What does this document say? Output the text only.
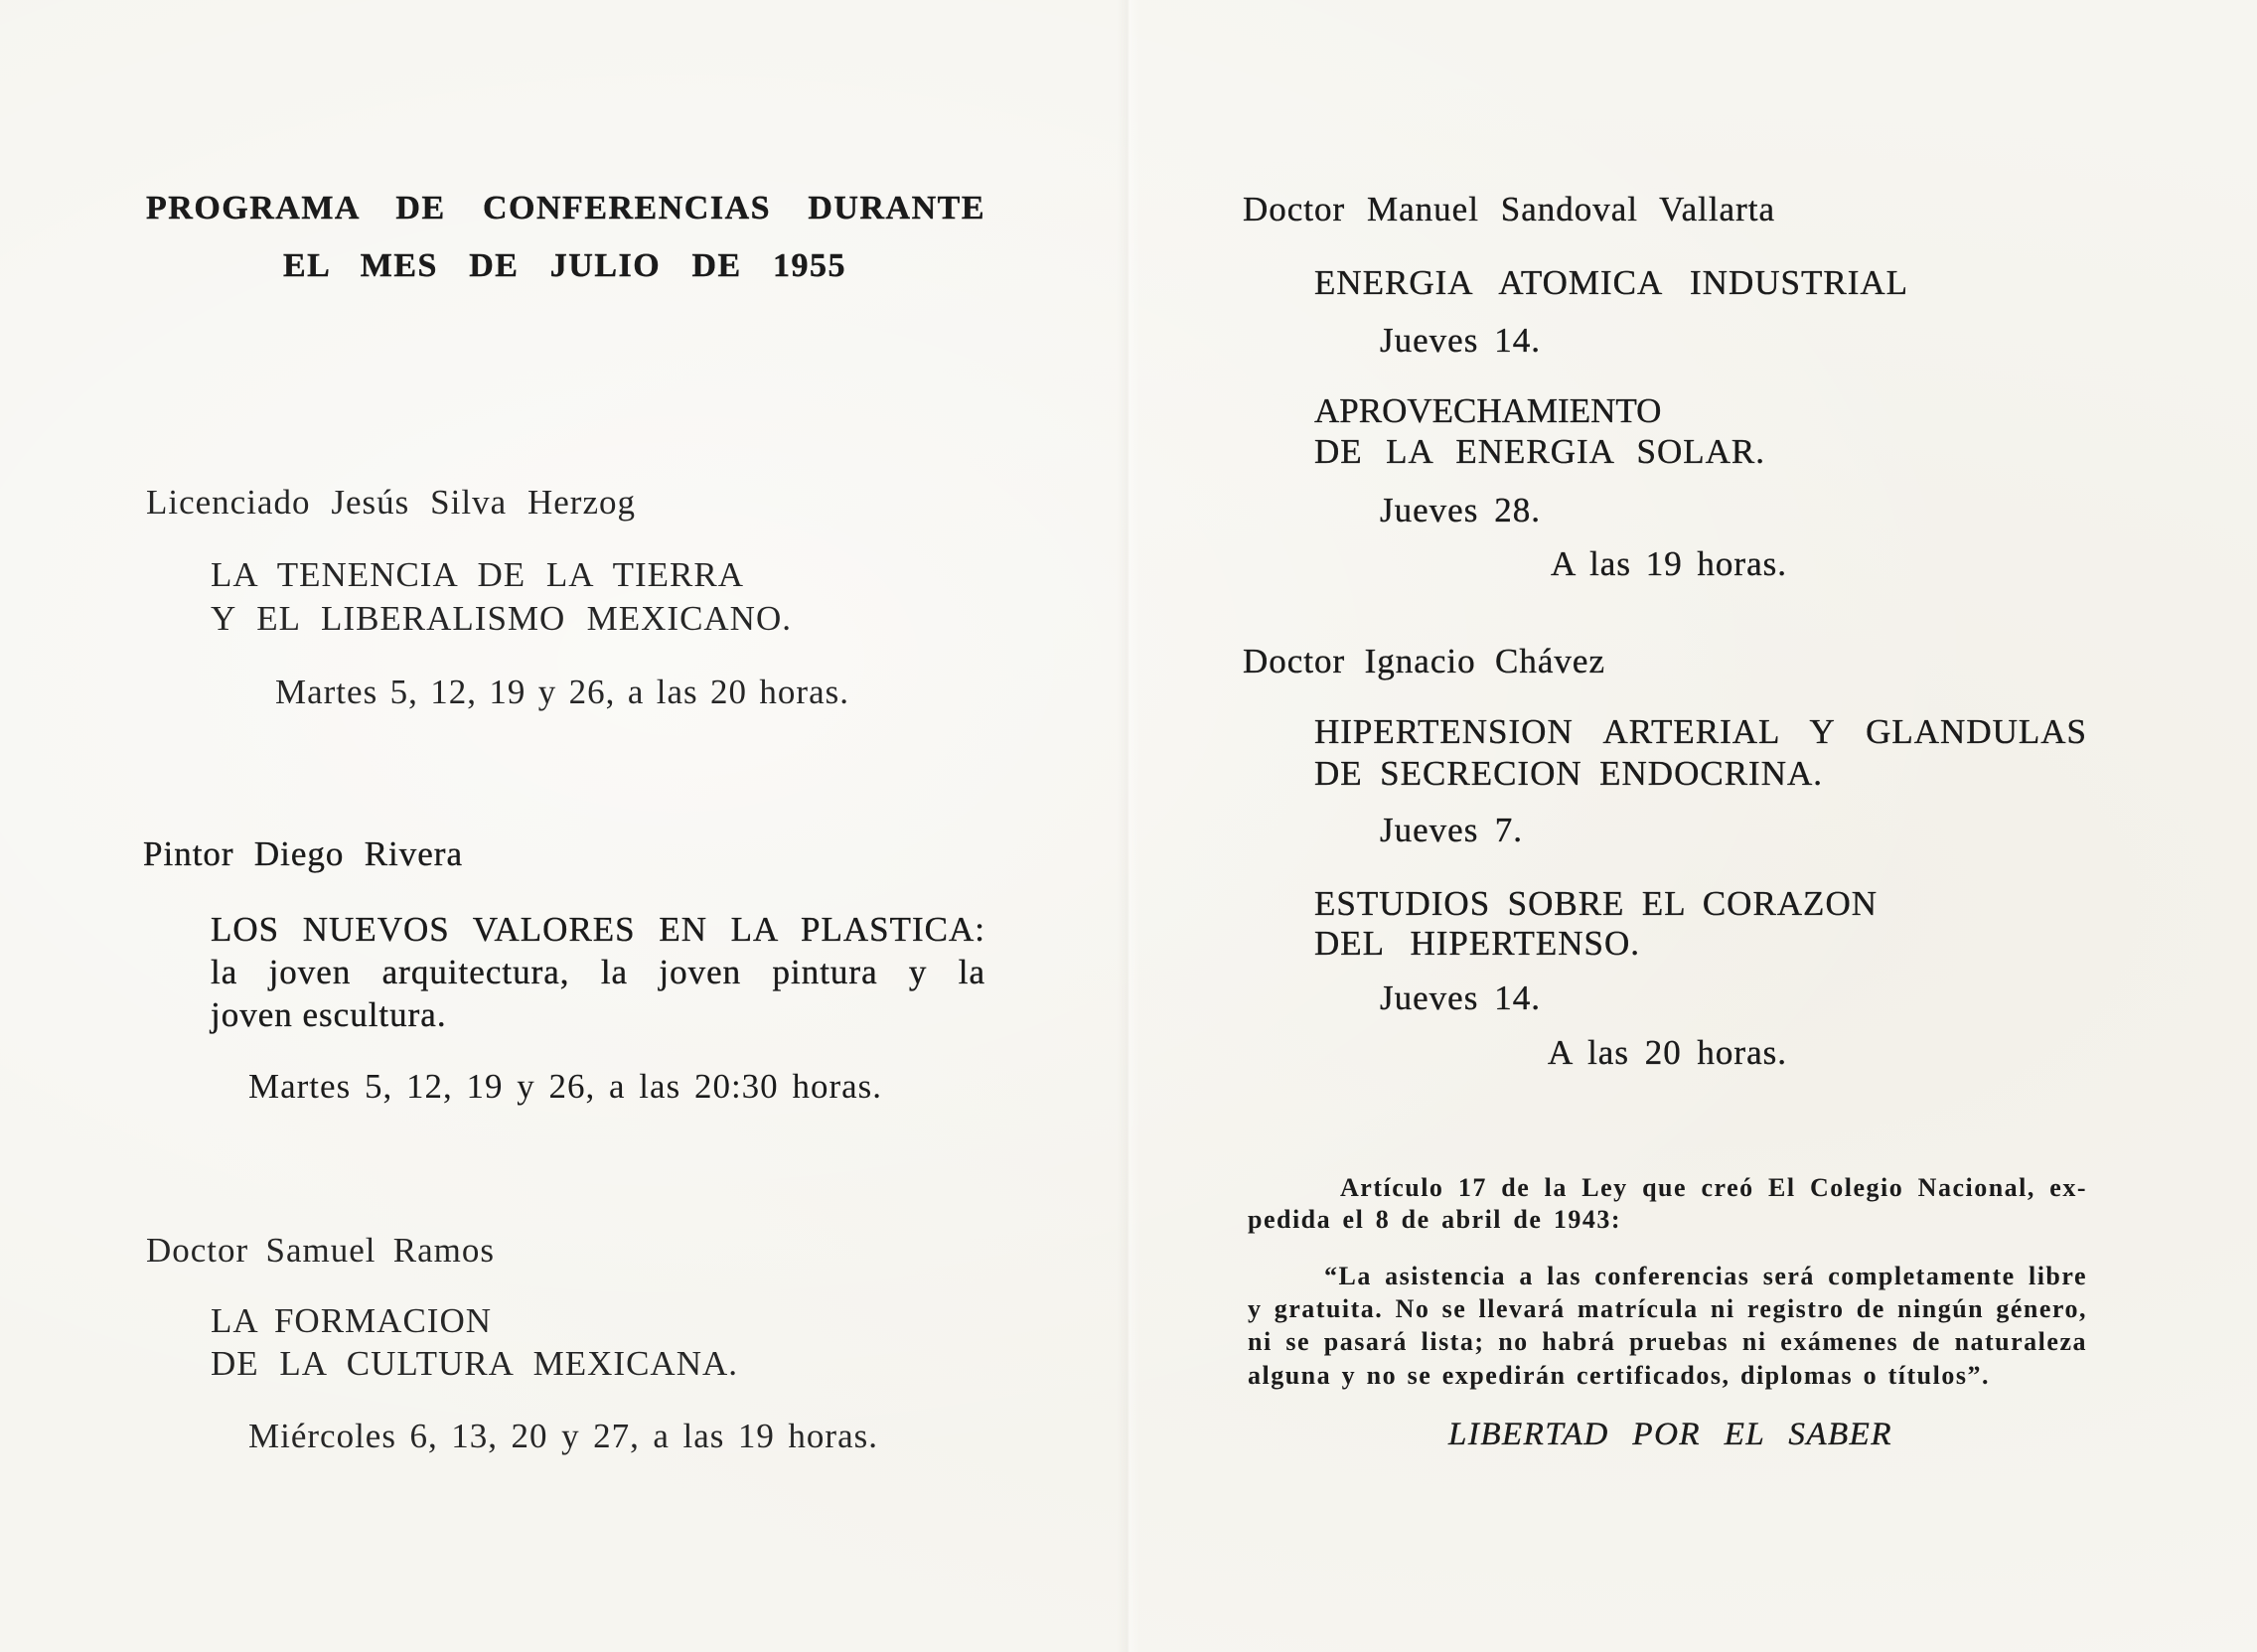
PROGRAMA DE CONFERENCIAS DURANTE
EL MES DE JULIO DE 1955
Licenciado Jesús Silva Herzog
LA TENENCIA DE LA TIERRA
Y EL LIBERALISMO MEXICANO.
Martes 5, 12, 19 y 26, a las 20 horas.
Pintor Diego Rivera
LOS NUEVOS VALORES EN LA PLASTICA:
la joven arquitectura, la joven pintura y la
joven escultura.
Martes 5, 12, 19 y 26, a las 20:30 horas.
Doctor Samuel Ramos
LA FORMACION
DE LA CULTURA MEXICANA.
Miércoles 6, 13, 20 y 27, a las 19 horas.
Doctor Manuel Sandoval Vallarta
ENERGIA ATOMICA INDUSTRIAL
Jueves 14.
APROVECHAMIENTO
DE LA ENERGIA SOLAR.
Jueves 28.
A las 19 horas.
Doctor Ignacio Chávez
HIPERTENSION ARTERIAL Y GLANDULAS
DE SECRECION ENDOCRINA.
Jueves 7.
ESTUDIOS SOBRE EL CORAZON
DEL HIPERTENSO.
Jueves 14.
A las 20 horas.
Artículo 17 de la Ley que creó El Colegio Nacional, ex-
pedida el 8 de abril de 1943:
“La asistencia a las conferencias será completamente libre
y gratuita. No se llevará matrícula ni registro de ningún género,
ni se pasará lista; no habrá pruebas ni exámenes de naturaleza
alguna y no se expedirán certificados, diplomas o títulos”.
LIBERTAD POR EL SABER
